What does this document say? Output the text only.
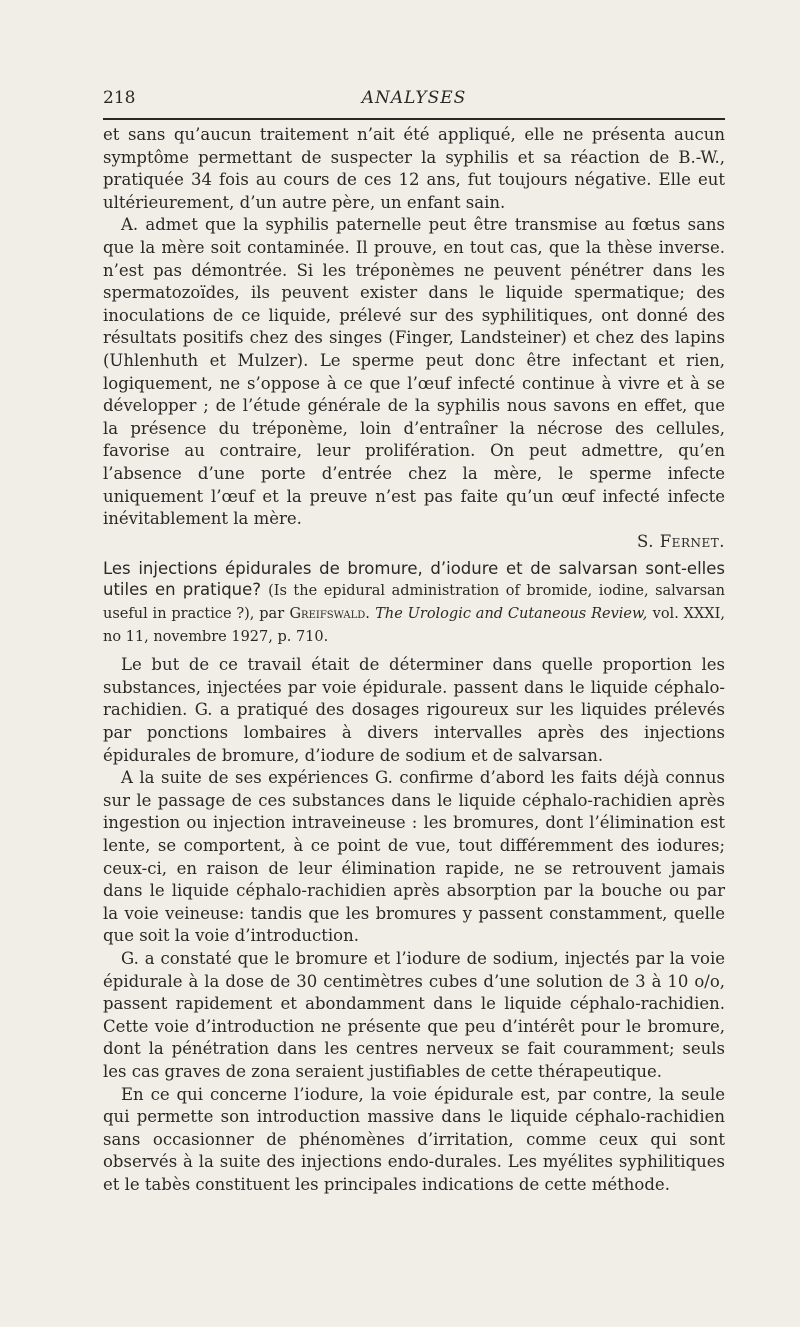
218	ANALYSES

et sans qu’aucun traitement n’ait été appliqué, elle ne présenta aucun symptôme permettant de suspecter la syphilis et sa réaction de B.-W., pratiquée 34 fois au cours de ces 12 ans, fut toujours négative. Elle eut ultérieurement, d’un autre père, un enfant sain.

A. admet que la syphilis paternelle peut être transmise au fœtus sans que la mère soit contaminée. Il prouve, en tout cas, que la thèse inverse. n’est pas démontrée. Si les tréponèmes ne peuvent pénétrer dans les spermatozoïdes, ils peuvent exister dans le liquide spermatique; des inoculations de ce liquide, prélevé sur des syphilitiques, ont donné des résultats positifs chez des singes (Finger, Landsteiner) et chez des lapins (Uhlenhuth et Mulzer). Le sperme peut donc être infectant et rien, logiquement, ne s’oppose à ce que l’œuf infecté continue à vivre et à se développer ; de l’étude générale de la syphilis nous savons en effet, que la présence du tréponème, loin d’entraîner la nécrose des cellules, favorise au contraire, leur prolifération. On peut admettre, qu’en l’absence d’une porte d’entrée chez la mère, le sperme infecte uniquement l’œuf et la preuve n’est pas faite qu’un œuf infecté infecte inévitablement la mère.
S. Fernet.

Les injections épidurales de bromure, d’iodure et de salvarsan sont-elles utiles en pratique? (Is the epidural administration of bromide, iodine, salvarsan useful in practice ?), par Greifswald. The Urologic and Cutaneous Review, vol. XXXI, no 11, novembre 1927, p. 710.

Le but de ce travail était de déterminer dans quelle proportion les substances, injectées par voie épidurale. passent dans le liquide céphalo-rachidien. G. a pratiqué des dosages rigoureux sur les liquides prélevés par ponctions lombaires à divers intervalles après des injections épidurales de bromure, d’iodure de sodium et de salvarsan.

A la suite de ses expériences G. confirme d’abord les faits déjà connus sur le passage de ces substances dans le liquide céphalo-rachidien après ingestion ou injection intraveineuse : les bromures, dont l’élimination est lente, se comportent, à ce point de vue, tout différemment des iodures; ceux-ci, en raison de leur élimination rapide, ne se retrouvent jamais dans le liquide céphalo-rachidien après absorption par la bouche ou par la voie veineuse: tandis que les bromures y passent constamment, quelle que soit la voie d’introduction.

G. a constaté que le bromure et l’iodure de sodium, injectés par la voie épidurale à la dose de 30 centimètres cubes d’une solution de 3 à 10 o/o, passent rapidement et abondamment dans le liquide céphalo-rachidien. Cette voie d’introduction ne présente que peu d’intérêt pour le bromure, dont la pénétration dans les centres nerveux se fait couramment; seuls les cas graves de zona seraient justifiables de cette thérapeutique.

En ce qui concerne l’iodure, la voie épidurale est, par contre, la seule qui permette son introduction massive dans le liquide céphalo-rachidien sans occasionner de phénomènes d’irritation, comme ceux qui sont observés à la suite des injections endo-durales. Les myélites syphilitiques et le tabès constituent les principales indications de cette méthode.
